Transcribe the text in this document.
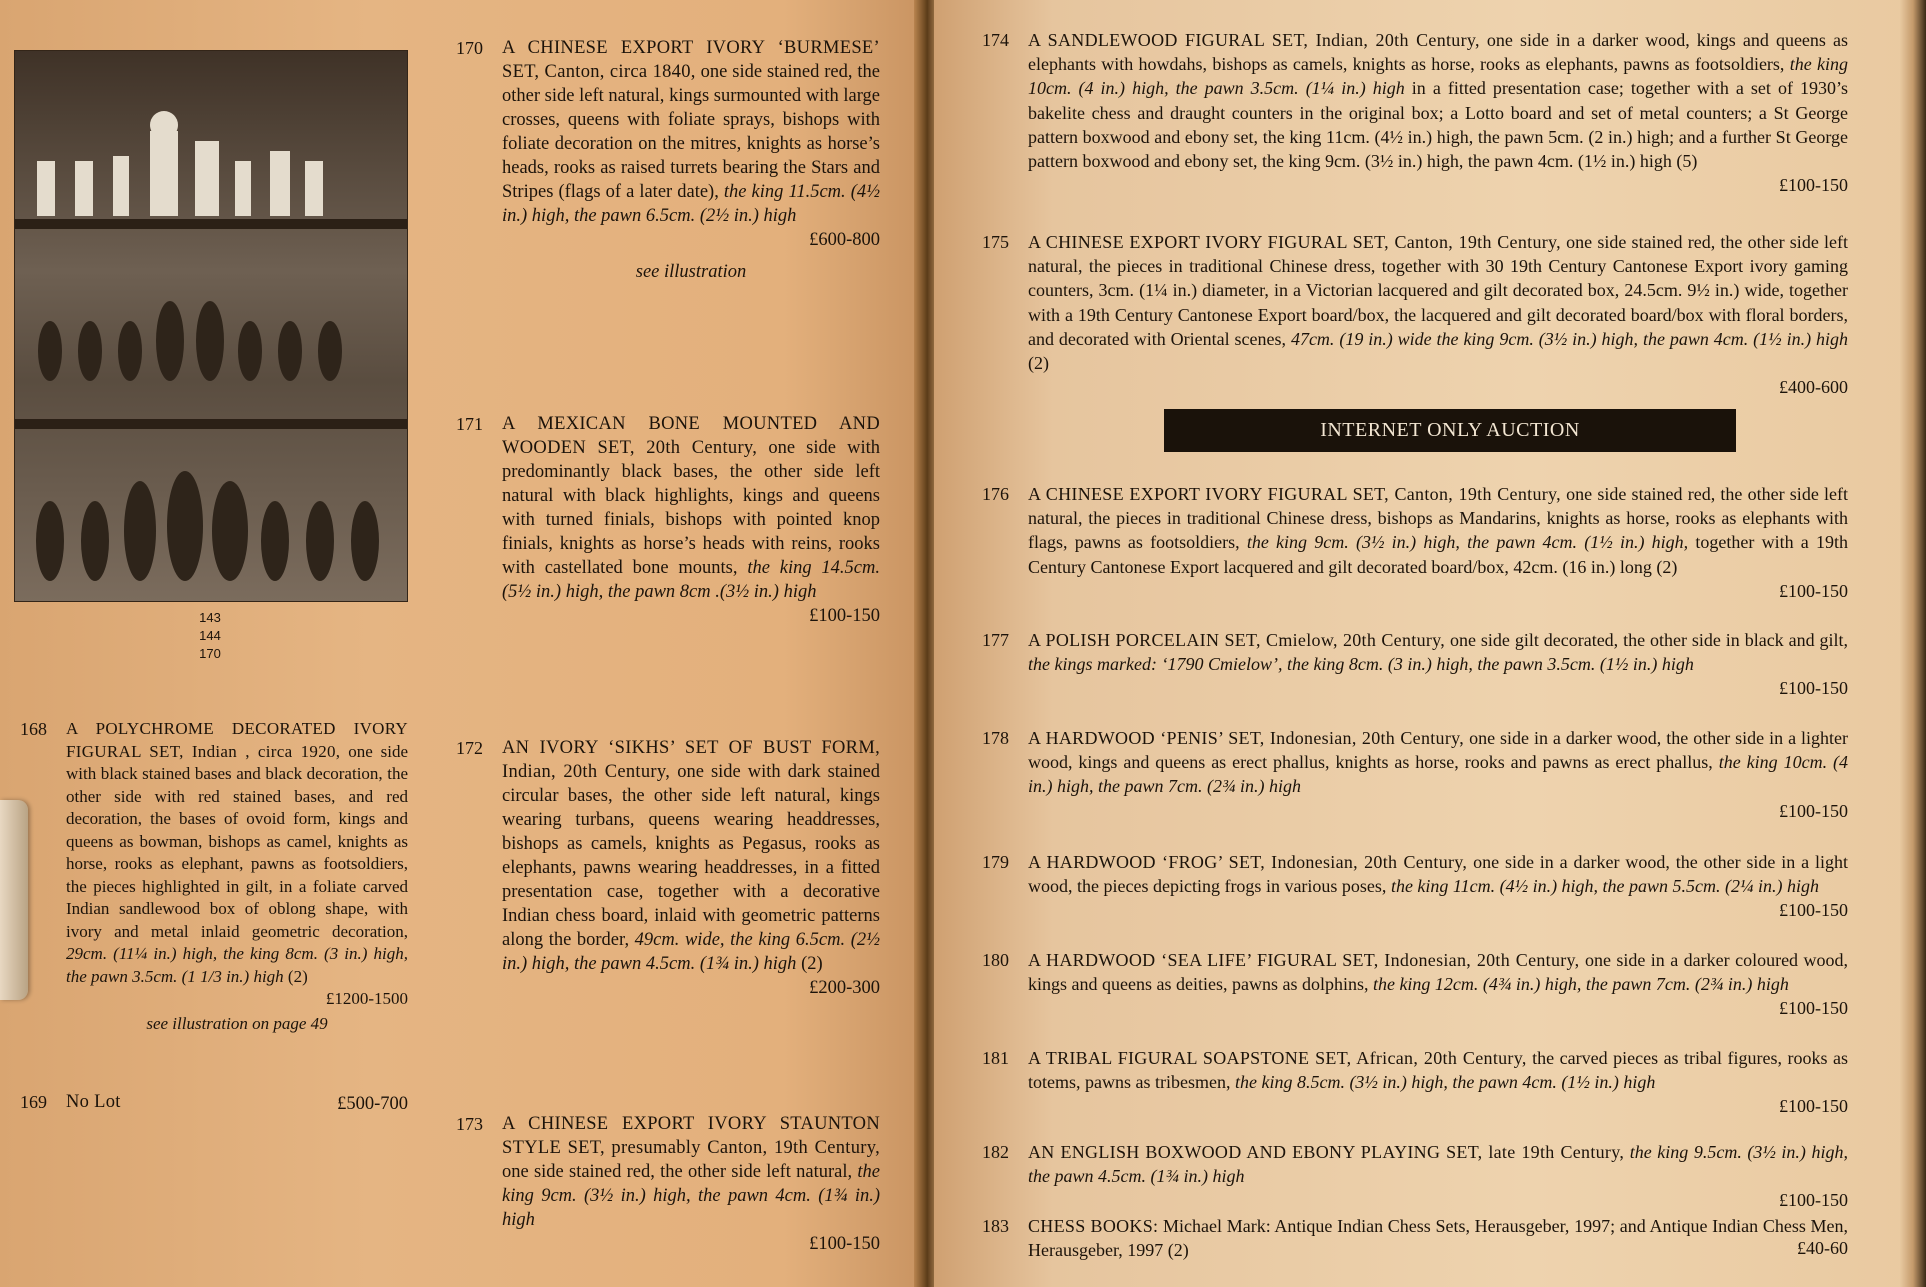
143
144
170
170 A CHINESE EXPORT IVORY ‘BURMESE’ SET, Canton, circa 1840, one side stained red, the other side left natural, kings surmounted with large crosses, queens with foliate sprays, bishops with foliate decoration on the mitres, knights as horse’s heads, rooks as raised turrets bearing the Stars and Stripes (flags of a later date), the king 11.5cm. (4½ in.) high, the pawn 6.5cm. (2½ in.) high
£600-800
see illustration
171 A MEXICAN BONE MOUNTED AND WOODEN SET, 20th Century, one side with predominantly black bases, the other side left natural with black highlights, kings and queens with turned finials, bishops with pointed knop finials, knights as horse’s heads with reins, rooks with castellated bone mounts, the king 14.5cm. (5½ in.) high, the pawn 8cm .(3½ in.) high
£100-150
168 A POLYCHROME DECORATED IVORY FIGURAL SET, Indian , circa 1920, one side with black stained bases and black decoration, the other side with red stained bases, and red decoration, the bases of ovoid form, kings and queens as bowman, bishops as camel, knights as horse, rooks as elephant, pawns as footsoldiers, the pieces highlighted in gilt, in a foliate carved Indian sandlewood box of oblong shape, with ivory and metal inlaid geometric decoration, 29cm. (11¼ in.) high, the king 8cm. (3 in.) high, the pawn 3.5cm. (1 1/3 in.) high (2)
£1200-1500
see illustration on page 49
172 AN IVORY ‘SIKHS’ SET OF BUST FORM, Indian, 20th Century, one side with dark stained circular bases, the other side left natural, kings wearing turbans, queens wearing headdresses, bishops as camels, knights as Pegasus, rooks as elephants, pawns wearing headdresses, in a fitted presentation case, together with a decorative Indian chess board, inlaid with geometric patterns along the border, 49cm. wide, the king 6.5cm. (2½ in.) high, the pawn 4.5cm. (1¾ in.) high (2)
£200-300
169 No Lot	£500-700
173 A CHINESE EXPORT IVORY STAUNTON STYLE SET, presumably Canton, 19th Century, one side stained red, the other side left natural, the king 9cm. (3½ in.) high, the pawn 4cm. (1¾ in.) high
£100-150
174 A SANDLEWOOD FIGURAL SET, Indian, 20th Century, one side in a darker wood, kings and queens as elephants with howdahs, bishops as camels, knights as horse, rooks as elephants, pawns as footsoldiers, the king 10cm. (4 in.) high, the pawn 3.5cm. (1¼ in.) high in a fitted presentation case; together with a set of 1930’s bakelite chess and draught counters in the original box; a Lotto board and set of metal counters; a St George pattern boxwood and ebony set, the king 11cm. (4½ in.) high, the pawn 5cm. (2 in.) high; and a further St George pattern boxwood and ebony set, the king 9cm. (3½ in.) high, the pawn 4cm. (1½ in.) high (5)
£100-150
175 A CHINESE EXPORT IVORY FIGURAL SET, Canton, 19th Century, one side stained red, the other side left natural, the pieces in traditional Chinese dress, together with 30 19th Century Cantonese Export ivory gaming counters, 3cm. (1¼ in.) diameter, in a Victorian lacquered and gilt decorated box, 24.5cm. 9½ in.) wide, together with a 19th Century Cantonese Export board/box, the lacquered and gilt decorated board/box with floral borders, and decorated with Oriental scenes, 47cm. (19 in.) wide the king 9cm. (3½ in.) high, the pawn 4cm. (1½ in.) high (2)
£400-600
176 A CHINESE EXPORT IVORY FIGURAL SET, Canton, 19th Century, one side stained red, the other side left natural, the pieces in traditional Chinese dress, bishops as Mandarins, knights as horse, rooks as elephants with flags, pawns as footsoldiers, the king 9cm. (3½ in.) high, the pawn 4cm. (1½ in.) high, together with a 19th Century Cantonese Export lacquered and gilt decorated board/box, 42cm. (16 in.) long (2)
£100-150
177 A POLISH PORCELAIN SET, Cmielow, 20th Century, one side gilt decorated, the other side in black and gilt, the kings marked: ‘1790 Cmielow’, the king 8cm. (3 in.) high, the pawn 3.5cm. (1½ in.) high
£100-150
178 A HARDWOOD ‘PENIS’ SET, Indonesian, 20th Century, one side in a darker wood, the other side in a lighter wood, kings and queens as erect phallus, knights as horse, rooks and pawns as erect phallus, the king 10cm. (4 in.) high, the pawn 7cm. (2¾ in.) high
£100-150
179 A HARDWOOD ‘FROG’ SET, Indonesian, 20th Century, one side in a darker wood, the other side in a light wood, the pieces depicting frogs in various poses, the king 11cm. (4½ in.) high, the pawn 5.5cm. (2¼ in.) high
£100-150
180 A HARDWOOD ‘SEA LIFE’ FIGURAL SET, Indonesian, 20th Century, one side in a darker coloured wood, kings and queens as deities, pawns as dolphins, the king 12cm. (4¾ in.) high, the pawn 7cm. (2¾ in.) high
£100-150
181 A TRIBAL FIGURAL SOAPSTONE SET, African, 20th Century, the carved pieces as tribal figures, rooks as totems, pawns as tribesmen, the king 8.5cm. (3½ in.) high, the pawn 4cm. (1½ in.) high
£100-150
182 AN ENGLISH BOXWOOD AND EBONY PLAYING SET, late 19th Century, the king 9.5cm. (3½ in.) high, the pawn 4.5cm. (1¾ in.) high
£100-150
183 CHESS BOOKS: Michael Mark: Antique Indian Chess Sets, Herausgeber, 1997; and Antique Indian Chess Men, Herausgeber, 1997 (2)	£40-60
INTERNET ONLY AUCTION
